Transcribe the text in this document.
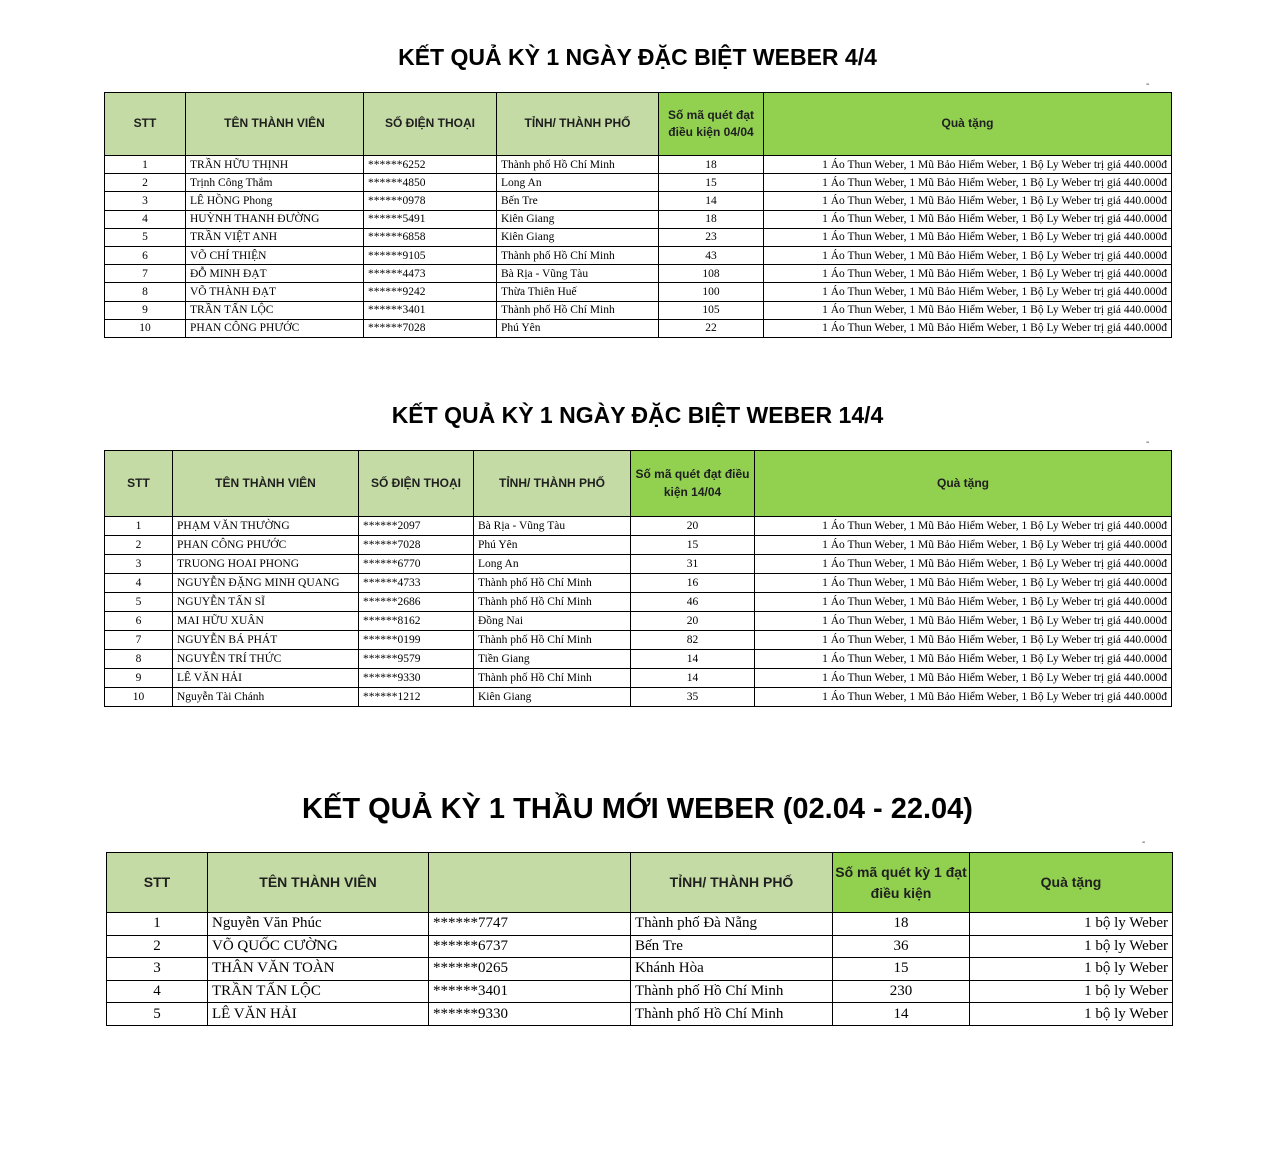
KẾT QUẢ KỲ 1 NGÀY ĐẶC BIỆT WEBER 4/4
-
STT	TÊN THÀNH VIÊN	SỐ ĐIỆN THOẠI	TỈNH/ THÀNH PHỐ	Số mã quét đạt điều kiện 04/04	Quà tặng
1	TRẦN HỮU THỊNH	******6252	Thành phố Hồ Chí Minh	18	1 Áo Thun Weber, 1 Mũ Bảo Hiểm Weber, 1 Bộ Ly Weber trị giá 440.000đ
2	Trịnh Công Thắm	******4850	Long An	15	1 Áo Thun Weber, 1 Mũ Bảo Hiểm Weber, 1 Bộ Ly Weber trị giá 440.000đ
3	LÊ HỒNG Phong	******0978	Bến Tre	14	1 Áo Thun Weber, 1 Mũ Bảo Hiểm Weber, 1 Bộ Ly Weber trị giá 440.000đ
4	HUỲNH THANH ĐƯỜNG	******5491	Kiên Giang	18	1 Áo Thun Weber, 1 Mũ Bảo Hiểm Weber, 1 Bộ Ly Weber trị giá 440.000đ
5	TRẦN VIỆT ANH	******6858	Kiên Giang	23	1 Áo Thun Weber, 1 Mũ Bảo Hiểm Weber, 1 Bộ Ly Weber trị giá 440.000đ
6	VÕ CHÍ THIỆN	******9105	Thành phố Hồ Chí Minh	43	1 Áo Thun Weber, 1 Mũ Bảo Hiểm Weber, 1 Bộ Ly Weber trị giá 440.000đ
7	ĐỖ MINH ĐẠT	******4473	Bà Rịa - Vũng Tàu	108	1 Áo Thun Weber, 1 Mũ Bảo Hiểm Weber, 1 Bộ Ly Weber trị giá 440.000đ
8	VÕ THÀNH ĐẠT	******9242	Thừa Thiên Huế	100	1 Áo Thun Weber, 1 Mũ Bảo Hiểm Weber, 1 Bộ Ly Weber trị giá 440.000đ
9	TRẦN TẤN LỘC	******3401	Thành phố Hồ Chí Minh	105	1 Áo Thun Weber, 1 Mũ Bảo Hiểm Weber, 1 Bộ Ly Weber trị giá 440.000đ
10	PHAN CÔNG PHƯỚC	******7028	Phú Yên	22	1 Áo Thun Weber, 1 Mũ Bảo Hiểm Weber, 1 Bộ Ly Weber trị giá 440.000đ
KẾT QUẢ KỲ 1 NGÀY ĐẶC BIỆT WEBER 14/4
-
STT	TÊN THÀNH VIÊN	SỐ ĐIỆN THOẠI	TỈNH/ THÀNH PHỐ	Số mã quét đạt điều kiện 14/04	Quà tặng
1	PHẠM VĂN THƯỜNG	******2097	Bà Rịa - Vũng Tàu	20	1 Áo Thun Weber, 1 Mũ Bảo Hiểm Weber, 1 Bộ Ly Weber trị giá 440.000đ
2	PHAN CÔNG PHƯỚC	******7028	Phú Yên	15	1 Áo Thun Weber, 1 Mũ Bảo Hiểm Weber, 1 Bộ Ly Weber trị giá 440.000đ
3	TRUONG HOAI PHONG	******6770	Long An	31	1 Áo Thun Weber, 1 Mũ Bảo Hiểm Weber, 1 Bộ Ly Weber trị giá 440.000đ
4	NGUYỄN ĐẶNG MINH QUANG	******4733	Thành phố Hồ Chí Minh	16	1 Áo Thun Weber, 1 Mũ Bảo Hiểm Weber, 1 Bộ Ly Weber trị giá 440.000đ
5	NGUYỄN TẤN SĨ	******2686	Thành phố Hồ Chí Minh	46	1 Áo Thun Weber, 1 Mũ Bảo Hiểm Weber, 1 Bộ Ly Weber trị giá 440.000đ
6	MAI HỮU XUÂN	******8162	Đồng Nai	20	1 Áo Thun Weber, 1 Mũ Bảo Hiểm Weber, 1 Bộ Ly Weber trị giá 440.000đ
7	NGUYỄN BÁ PHÁT	******0199	Thành phố Hồ Chí Minh	82	1 Áo Thun Weber, 1 Mũ Bảo Hiểm Weber, 1 Bộ Ly Weber trị giá 440.000đ
8	NGUYỄN TRÍ THỨC	******9579	Tiền Giang	14	1 Áo Thun Weber, 1 Mũ Bảo Hiểm Weber, 1 Bộ Ly Weber trị giá 440.000đ
9	LÊ VĂN HẢI	******9330	Thành phố Hồ Chí Minh	14	1 Áo Thun Weber, 1 Mũ Bảo Hiểm Weber, 1 Bộ Ly Weber trị giá 440.000đ
10	Nguyễn Tài Chánh	******1212	Kiên Giang	35	1 Áo Thun Weber, 1 Mũ Bảo Hiểm Weber, 1 Bộ Ly Weber trị giá 440.000đ
KẾT QUẢ KỲ 1 THẦU MỚI WEBER (02.04 - 22.04)
-
STT	TÊN THÀNH VIÊN		TỈNH/ THÀNH PHỐ	Số mã quét kỳ 1 đạt điều kiện	Quà tặng
1	Nguyễn Văn Phúc	******7747	Thành phố Đà Nẵng	18	1 bộ ly Weber
2	VÕ QUỐC CƯỜNG	******6737	Bến Tre	36	1 bộ ly Weber
3	THÂN VĂN TOÀN	******0265	Khánh Hòa	15	1 bộ ly Weber
4	TRẦN TẤN LỘC	******3401	Thành phố Hồ Chí Minh	230	1 bộ ly Weber
5	LÊ VĂN HẢI	******9330	Thành phố Hồ Chí Minh	14	1 bộ ly Weber
